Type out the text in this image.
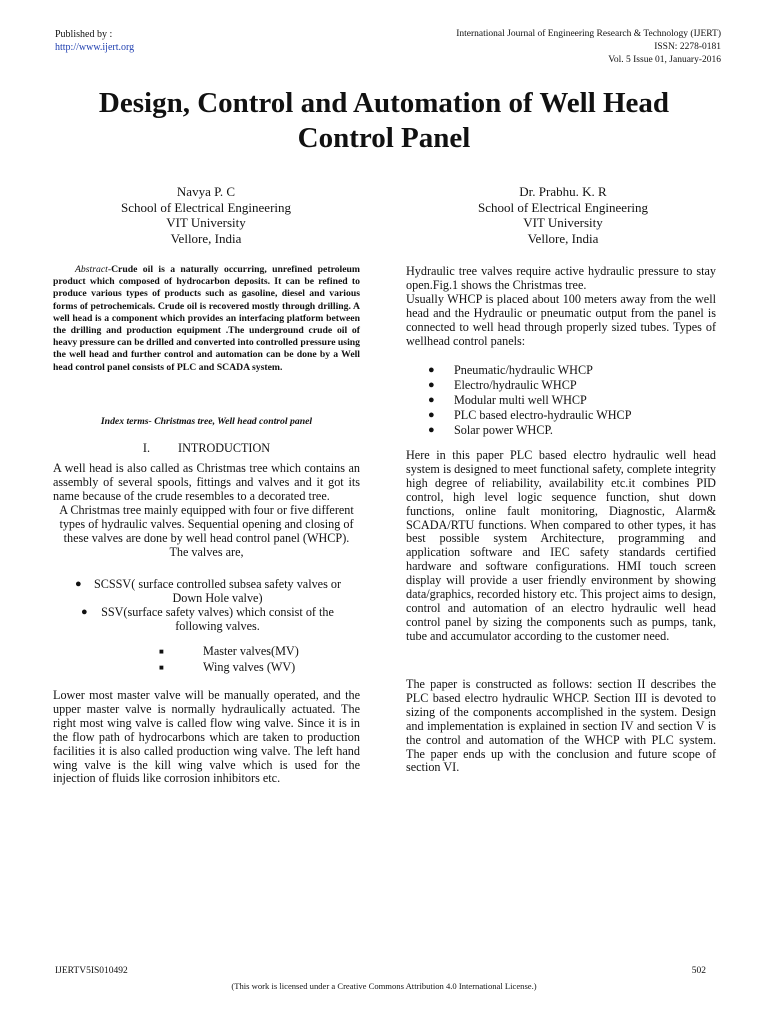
Published by :
http://www.ijert.org
International Journal of Engineering Research & Technology (IJERT)
ISSN: 2278-0181
Vol. 5 Issue 01, January-2016
Design, Control and Automation of Well Head
Control Panel
Navya P. C
School of Electrical Engineering
VIT University
Vellore, India
Dr. Prabhu. K. R
School of Electrical Engineering
VIT University
Vellore, India
Abstract-Crude oil is a naturally occurring, unrefined petroleum product which composed of hydrocarbon deposits. It can be refined to produce various types of products such as gasoline, diesel and various forms of petrochemicals. Crude oil is recovered mostly through drilling. A well head is a component which provides an interfacing platform between the drilling and production equipment .The underground crude oil of heavy pressure can be drilled and converted into controlled pressure using the well head and further control and automation can be done by a Well head control panel consists of PLC and SCADA system.
Index terms- Christmas tree, Well head control panel
I. INTRODUCTION
A well head is also called as Christmas tree which contains an assembly of several spools, fittings and valves and it got its name because of the crude resembles to a decorated tree.
A Christmas tree mainly equipped with four or five different types of hydraulic valves. Sequential opening and closing of these valves are done by well head control panel (WHCP). The valves are,
●	SCSSV( surface controlled subsea safety valves or
Down Hole valve)
●	SSV(surface safety valves) which consist of the
following valves.
■	Master valves(MV)
■	Wing valves (WV)
Lower most master valve will be manually operated, and the upper master valve is normally hydraulically actuated. The right most wing valve is called flow wing valve. Since it is in the flow path of hydrocarbons which are taken to production facilities it is also called production wing valve. The left hand wing valve is the kill wing valve which is used for the injection of fluids like corrosion inhibitors etc.
Hydraulic tree valves require active hydraulic pressure to stay open.Fig.1 shows the Christmas tree.
Usually WHCP is placed about 100 meters away from the well head and the Hydraulic or pneumatic output from the panel is connected to well head through properly sized tubes. Types of wellhead control panels:
● Pneumatic/hydraulic WHCP
● Electro/hydraulic WHCP
● Modular multi well WHCP
● PLC based electro-hydraulic WHCP
● Solar power WHCP.
Here in this paper PLC based electro hydraulic well head system is designed to meet functional safety, complete integrity high degree of reliability, availability etc.it combines PID control, high level logic sequence function, shut down functions, online fault monitoring, Diagnostic, Alarm& SCADA/RTU functions. When compared to other types, it has best possible system Architecture, programming and application software and IEC safety standards certified hardware and software configurations. HMI touch screen display will provide a user friendly environment by showing data/graphics, recorded history etc. This project aims to design, control and automation of an electro hydraulic well head control panel by sizing the components such as pumps, tank, tube and accumulator according to the customer need.
The paper is constructed as follows: section II describes the PLC based electro hydraulic WHCP. Section III is devoted to sizing of the components accomplished in the system. Design and implementation is explained in section IV and section V is the control and automation of the WHCP with PLC system. The paper ends up with the conclusion and future scope of section VI.
IJERTV5IS010492	502
(This work is licensed under a Creative Commons Attribution 4.0 International License.)
